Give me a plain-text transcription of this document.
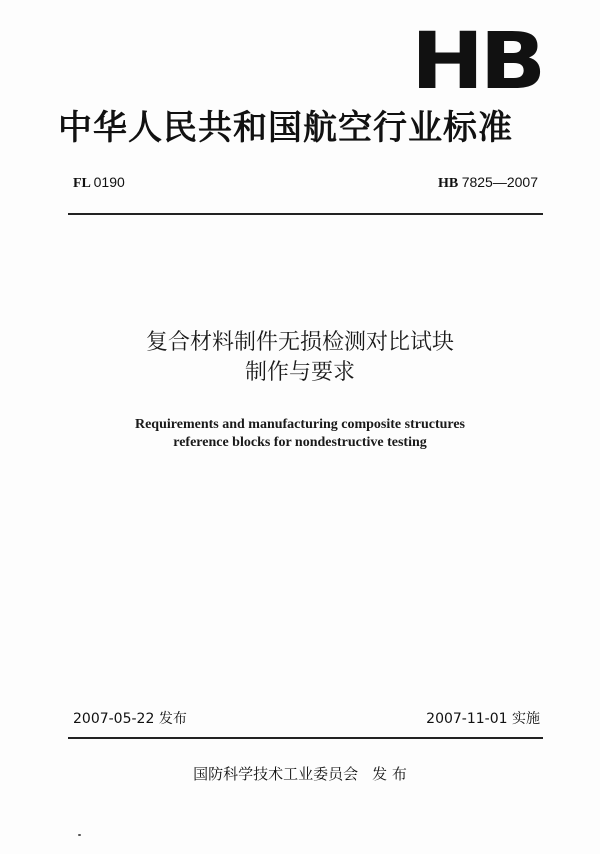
HB
中华人民共和国航空行业标准
FL 0190	HB 7825—2007
复合材料制件无损检测对比试块
制作与要求
Requirements and manufacturing composite structures
reference blocks for nondestructive testing
2007-05-22 发布	2007-11-01 实施
国防科学技术工业委员会 发 布
